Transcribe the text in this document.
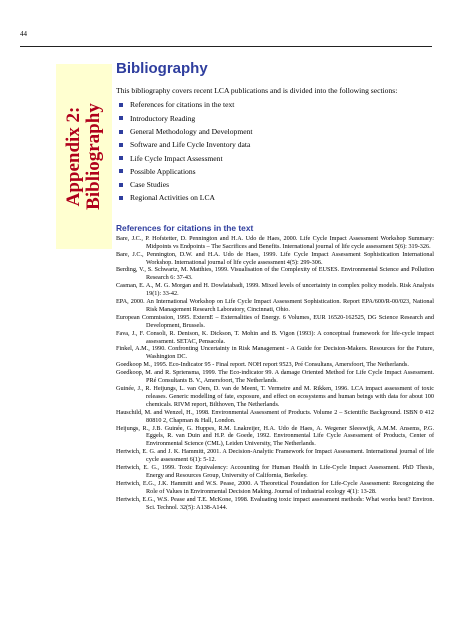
44
Appendix 2: Bibliography
Bibliography

This bibliography covers recent LCA publications and is divided into the following sections:

References for citations in the text
Introductory Reading
General Methodology and Development
Software and Life Cycle Inventory data
Life Cycle Impact Assessment
Possible Applications
Case Studies
Regional Activities on LCA
References for citations in the text

Bare, J.C., P. Hofstetter, D. Pennington and H.A. Udo de Haes, 2000. Life Cycle Impact Assessment Workshop Summary: Midpoints vs Endpoints – The Sacrifices and Benefits. International journal of life cycle assessment 5(6): 319-326.

Bare, J.C., Pennington, D.W. and H.A. Udo de Haes, 1999. Life Cycle Impact Assessment Sophistication International Workshop. International journal of life cycle assessment 4(5): 299-306.

Berding, V., S. Schwartz, M. Matthies, 1999. Visualisation of the Complexity of EUSES. Environmental Science and Pollution Research 6: 37-43.

Casman, E. A., M. G. Morgan and H. Dowlatabadi, 1999. Mixed levels of uncertainty in complex policy models. Risk Analysis 19(1): 33-42.

EPA, 2000. An International Workshop on Life Cycle Impact Assessment Sophistication. Report EPA/600/R-00/023, National Risk Management Research Laboratory, Cincinnati, Ohio.

European Commission, 1995. ExternE – Externalities of Energy. 6 Volumes, EUR 16520-162525, DG Science Research and Development, Brussels.

Fava, J., F. Consoli, R. Denison, K. Dickson, T. Mohin and B. Vigon (1993): A conceptual framework for life-cycle impact assessment. SETAC, Pensacola.

Finkel, A.M., 1990. Confronting Uncertainty in Risk Management - A Guide for Decision-Makers. Resources for the Future, Washington DC.

Goedkoop M., 1995. Eco-Indicator 95 - Final report. NOH report 9523, Pré Consultans, Amersfoort, The Netherlands.

Goedkoop, M. and R. Spriensma, 1999. The Eco-indicator 99. A damage Oriented Method for Life Cycle Impact Assessment. PRé Consultants B. V., Amersfoort, The Netherlands.

Guinée, J., R. Heijungs, L. van Oers, D. van de Meent, T. Vermeire and M. Rikken, 1996. LCA impact assessment of toxic releases. Generic modelling of fate, exposure, and effect on ecosystems and human beings with data for about 100 chemicals. RIVM report, Bilthoven, The Netherlands.

Hauschild, M. and Wenzel, H., 1998. Environmental Assessment of Products. Volume 2 – Scientific Background. ISBN 0 412 80810 2, Chapman & Hall, London.

Heijungs, R., J.B. Guinée, G. Huppes, R.M. Lnakreijer, H.A. Udo de Haes, A. Wegener Sleeswijk, A.M.M. Ansems, P.G. Eggels, R. van Duin and H.P. de Goede, 1992. Environmental Life Cycle Assessment of Products, Center of Environmental Science (CML), Leiden University, The Netherlands.

Hertwich, E. G. and J. K. Hammitt, 2001. A Decision-Analytic Framework for Impact Assessment. International journal of life cycle assessment 6(1): 5-12.

Hertwich, E. G., 1999. Toxic Equivalency: Accounting for Human Health in Life-Cycle Impact Assessment. PhD Thesis, Energy and Resources Group, University of California, Berkeley.

Hertwich, E.G., J.K. Hammitt and W.S. Pease, 2000. A Theoretical Foundation for Life-Cycle Assessment: Recognizing the Role of Values in Environmental Decision Making. Journal of industrial ecology 4(1): 13-28.

Hertwich, E.G., W.S. Pease and T.E. McKone, 1998. Evaluating toxic impact assessment methods: What works best? Environ. Sci. Technol. 32(5): A138-A144.
